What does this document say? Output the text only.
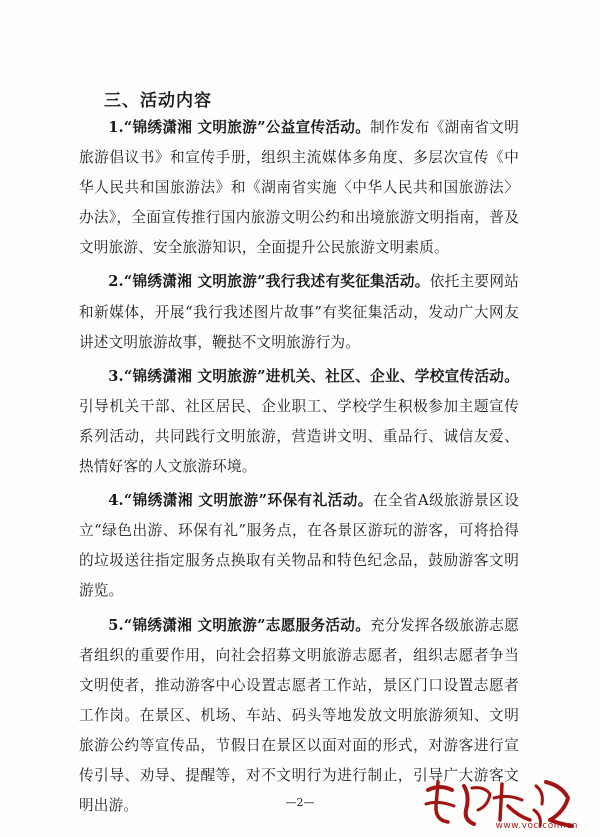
三、活动内容

1.“锦绣潇湘 文明旅游”公益宣传活动。制作发布《湖南省文明旅游倡议书》和宣传手册，组织主流媒体多角度、多层次宣传《中华人民共和国旅游法》和《湖南省实施〈中华人民共和国旅游法〉办法》，全面宣传推行国内旅游文明公约和出境旅游文明指南，普及文明旅游、安全旅游知识，全面提升公民旅游文明素质。

2.“锦绣潇湘 文明旅游”我行我述有奖征集活动。依托主要网站和新媒体，开展“我行我述图片故事”有奖征集活动，发动广大网友讲述文明旅游故事，鞭挞不文明旅游行为。

3.“锦绣潇湘 文明旅游”进机关、社区、企业、学校宣传活动。引导机关干部、社区居民、企业职工、学校学生积极参加主题宣传系列活动，共同践行文明旅游，营造讲文明、重品行、诚信友爱、热情好客的人文旅游环境。

4.“锦绣潇湘 文明旅游”环保有礼活动。在全省A级旅游景区设立“绿色出游、环保有礼”服务点，在各景区游玩的游客，可将拾得的垃圾送往指定服务点换取有关物品和特色纪念品，鼓励游客文明游览。

5.“锦绣潇湘 文明旅游”志愿服务活动。充分发挥各级旅游志愿者组织的重要作用，向社会招募文明旅游志愿者，组织志愿者争当文明使者，推动游客中心设置志愿者工作站，景区门口设置志愿者工作岗。在景区、机场、车站、码头等地发放文明旅游须知、文明旅游公约等宣传品，节假日在景区以面对面的形式，对游客进行宣传引导、劝导、提醒等，对不文明行为进行制止，引导广大游客文明出游。	—2—
www.voc.com.cn
